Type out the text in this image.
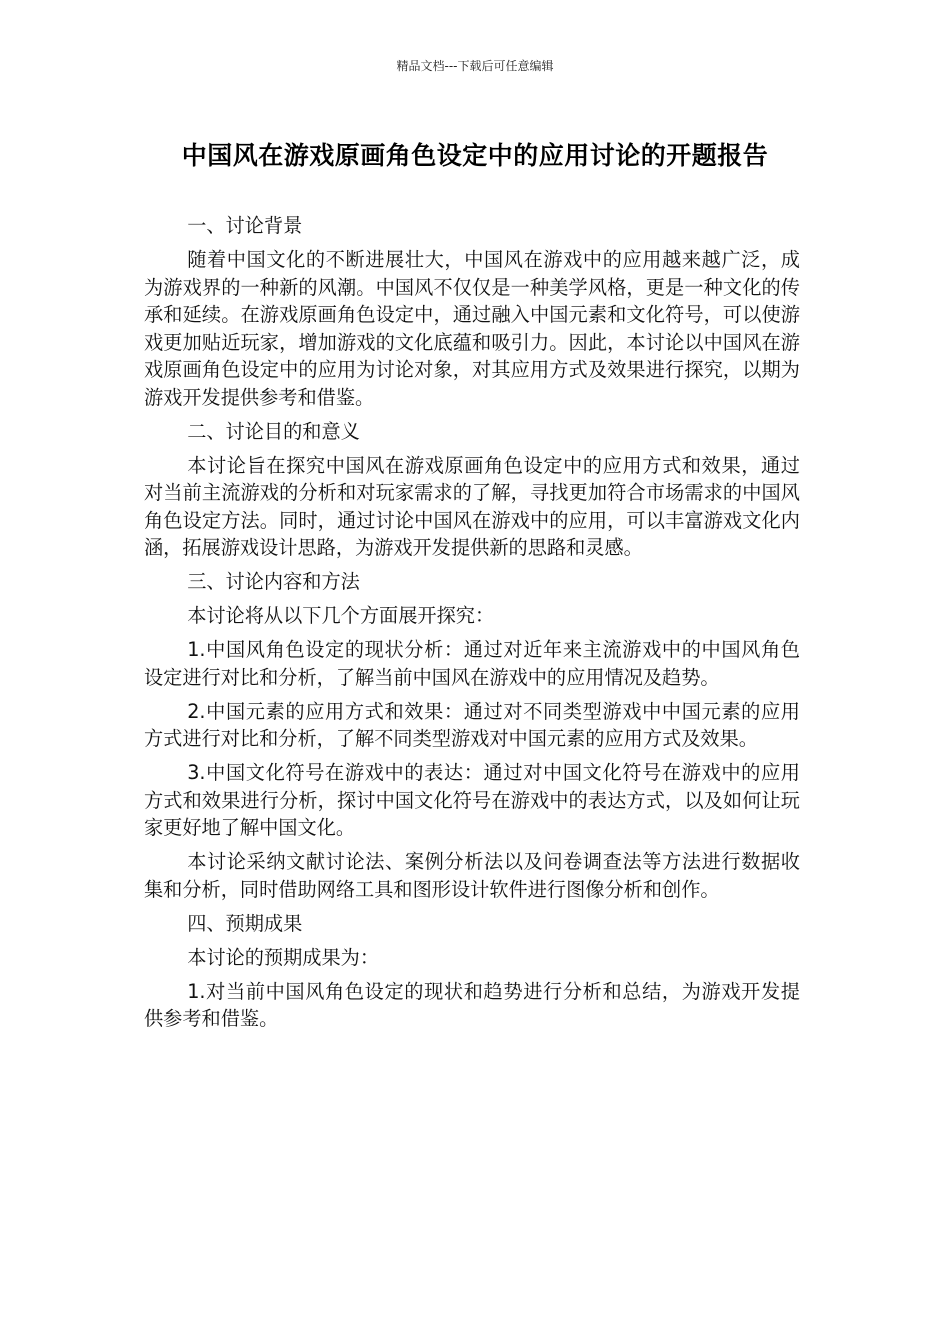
精品文档---下载后可任意编辑
中国风在游戏原画角色设定中的应用讨论的开题报告

一、讨论背景

随着中国文化的不断进展壮大，中国风在游戏中的应用越来越广泛，成为游戏界的一种新的风潮。中国风不仅仅是一种美学风格，更是一种文化的传承和延续。在游戏原画角色设定中，通过融入中国元素和文化符号，可以使游戏更加贴近玩家，增加游戏的文化底蕴和吸引力。因此，本讨论以中国风在游戏原画角色设定中的应用为讨论对象，对其应用方式及效果进行探究，以期为游戏开发提供参考和借鉴。

二、讨论目的和意义

本讨论旨在探究中国风在游戏原画角色设定中的应用方式和效果，通过对当前主流游戏的分析和对玩家需求的了解，寻找更加符合市场需求的中国风角色设定方法。同时，通过讨论中国风在游戏中的应用，可以丰富游戏文化内涵，拓展游戏设计思路，为游戏开发提供新的思路和灵感。

三、讨论内容和方法

本讨论将从以下几个方面展开探究：

1.中国风角色设定的现状分析：通过对近年来主流游戏中的中国风角色设定进行对比和分析，了解当前中国风在游戏中的应用情况及趋势。

2.中国元素的应用方式和效果：通过对不同类型游戏中中国元素的应用方式进行对比和分析，了解不同类型游戏对中国元素的应用方式及效果。

3.中国文化符号在游戏中的表达：通过对中国文化符号在游戏中的应用方式和效果进行分析，探讨中国文化符号在游戏中的表达方式，以及如何让玩家更好地了解中国文化。

本讨论采纳文献讨论法、案例分析法以及问卷调查法等方法进行数据收集和分析，同时借助网络工具和图形设计软件进行图像分析和创作。

四、预期成果

本讨论的预期成果为：

1.对当前中国风角色设定的现状和趋势进行分析和总结，为游戏开发提供参考和借鉴。
